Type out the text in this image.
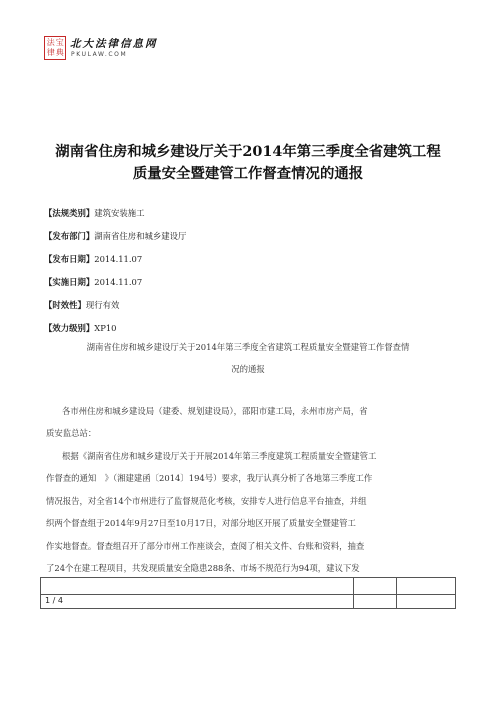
法 宝
律 典
北大法律信息网
PKULAW.COM
湖南省住房和城乡建设厅关于2014年第三季度全省建筑工程
质量安全暨建管工作督查情况的通报
【法规类别】建筑安装施工
【发布部门】湖南省住房和城乡建设厅
【发布日期】2014.11.07
【实施日期】2014.11.07
【时效性】现行有效
【效力级别】XP10
湖南省住房和城乡建设厅关于2014年第三季度全省建筑工程质量安全暨建管工作督查情
况的通报
各市州住房和城乡建设局（建委、规划建设局），邵阳市建工局，永州市房产局，省
质安监总站：
根据《湖南省住房和城乡建设厅关于开展2014年第三季度建筑工程质量安全暨建管工
作督查的通知　》（湘建建函〔2014〕194号）要求，我厅认真分析了各地第三季度工作
情况报告，对全省14个市州进行了监督规范化考核，安排专人进行信息平台抽查，并组
织两个督查组于2014年9月27日至10月17日，对部分地区开展了质量安全暨建管工
作实地督查。督查组召开了部分市州工作座谈会，查阅了相关文件、台账和资料，抽查
了24个在建工程项目，共发现质量安全隐患288条、市场不规范行为94项，建议下发
1 / 4
